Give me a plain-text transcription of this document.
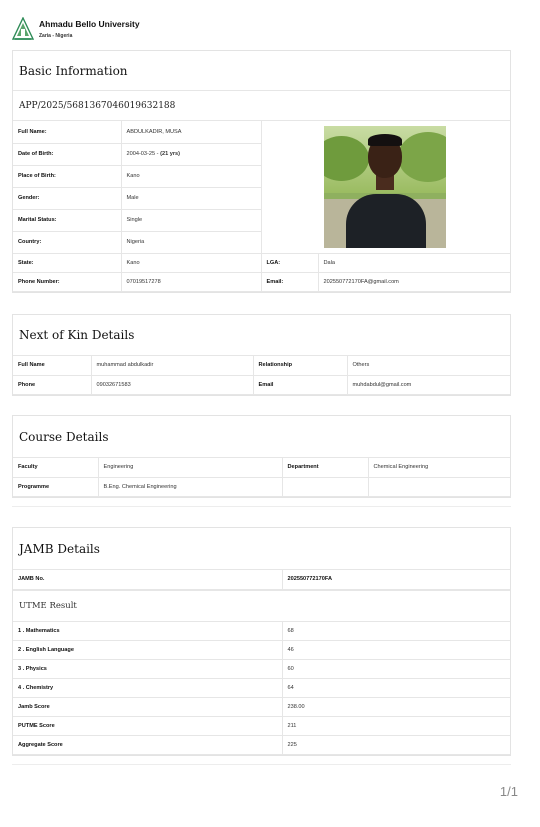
Ahmadu Bello University
Zaria - Nigeria
Basic Information
APP/2025/5681367046019632188
Full Name:	ABDULKADIR, MUSA		

Date of Birth:	2004-03-25 - (21 yrs)		
Place of Birth:	Kano		
Gender:	Male		
Marital Status:	Single		
Country:	Nigeria		
State:	Kano	LGA:	Dala
Phone Number:	07019517278	Email:	202550772170FA@gmail.com
Next of Kin Details
Full Name	muhammad abdulkadir	Relationship	Others
Phone	09032671583	Email	muhdabdul@gmail.com
Course Details
Faculty	Engineering	Department	Chemical Engineering
Programme	B.Eng. Chemical Engineering		
JAMB Details
JAMB No.	202550772170FA
UTME Result
1 . Mathematics	68
2 . English Language	46
3 . Physics	60
4 . Chemistry	64
Jamb Score	238.00
PUTME Score	211
Aggregate Score	225
1/1
